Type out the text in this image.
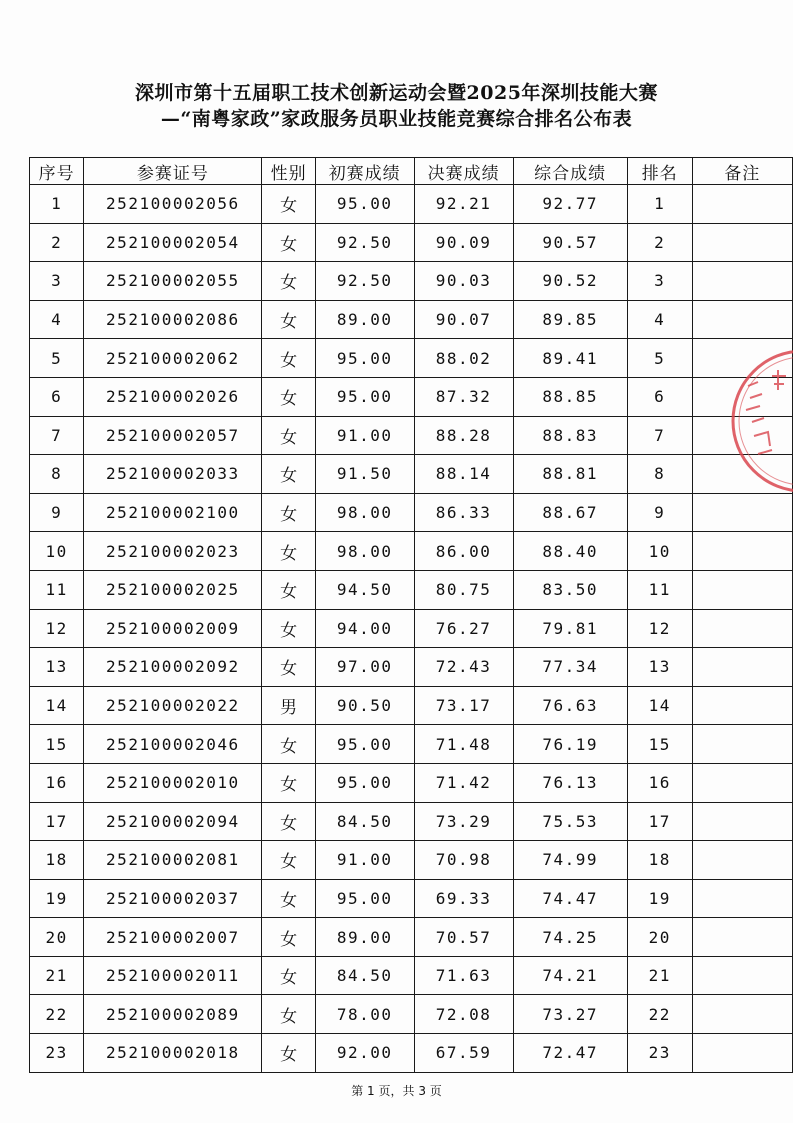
深圳市第十五届职工技术创新运动会暨2025年深圳技能大赛
—“南粤家政”家政服务员职业技能竞赛综合排名公布表
序号	参赛证号	性别	初赛成绩	决赛成绩	综合成绩	排名	备注
1	252100002056	女	95.00	92.21	92.77	1	
2	252100002054	女	92.50	90.09	90.57	2	
3	252100002055	女	92.50	90.03	90.52	3	
4	252100002086	女	89.00	90.07	89.85	4	
5	252100002062	女	95.00	88.02	89.41	5	
6	252100002026	女	95.00	87.32	88.85	6	
7	252100002057	女	91.00	88.28	88.83	7	
8	252100002033	女	91.50	88.14	88.81	8	
9	252100002100	女	98.00	86.33	88.67	9	
10	252100002023	女	98.00	86.00	88.40	10	
11	252100002025	女	94.50	80.75	83.50	11	
12	252100002009	女	94.00	76.27	79.81	12	
13	252100002092	女	97.00	72.43	77.34	13	
14	252100002022	男	90.50	73.17	76.63	14	
15	252100002046	女	95.00	71.48	76.19	15	
16	252100002010	女	95.00	71.42	76.13	16	
17	252100002094	女	84.50	73.29	75.53	17	
18	252100002081	女	91.00	70.98	74.99	18	
19	252100002037	女	95.00	69.33	74.47	19	
20	252100002007	女	89.00	70.57	74.25	20	
21	252100002011	女	84.50	71.63	74.21	21	
22	252100002089	女	78.00	72.08	73.27	22	
23	252100002018	女	92.00	67.59	72.47	23	
第 1 页，共 3 页
